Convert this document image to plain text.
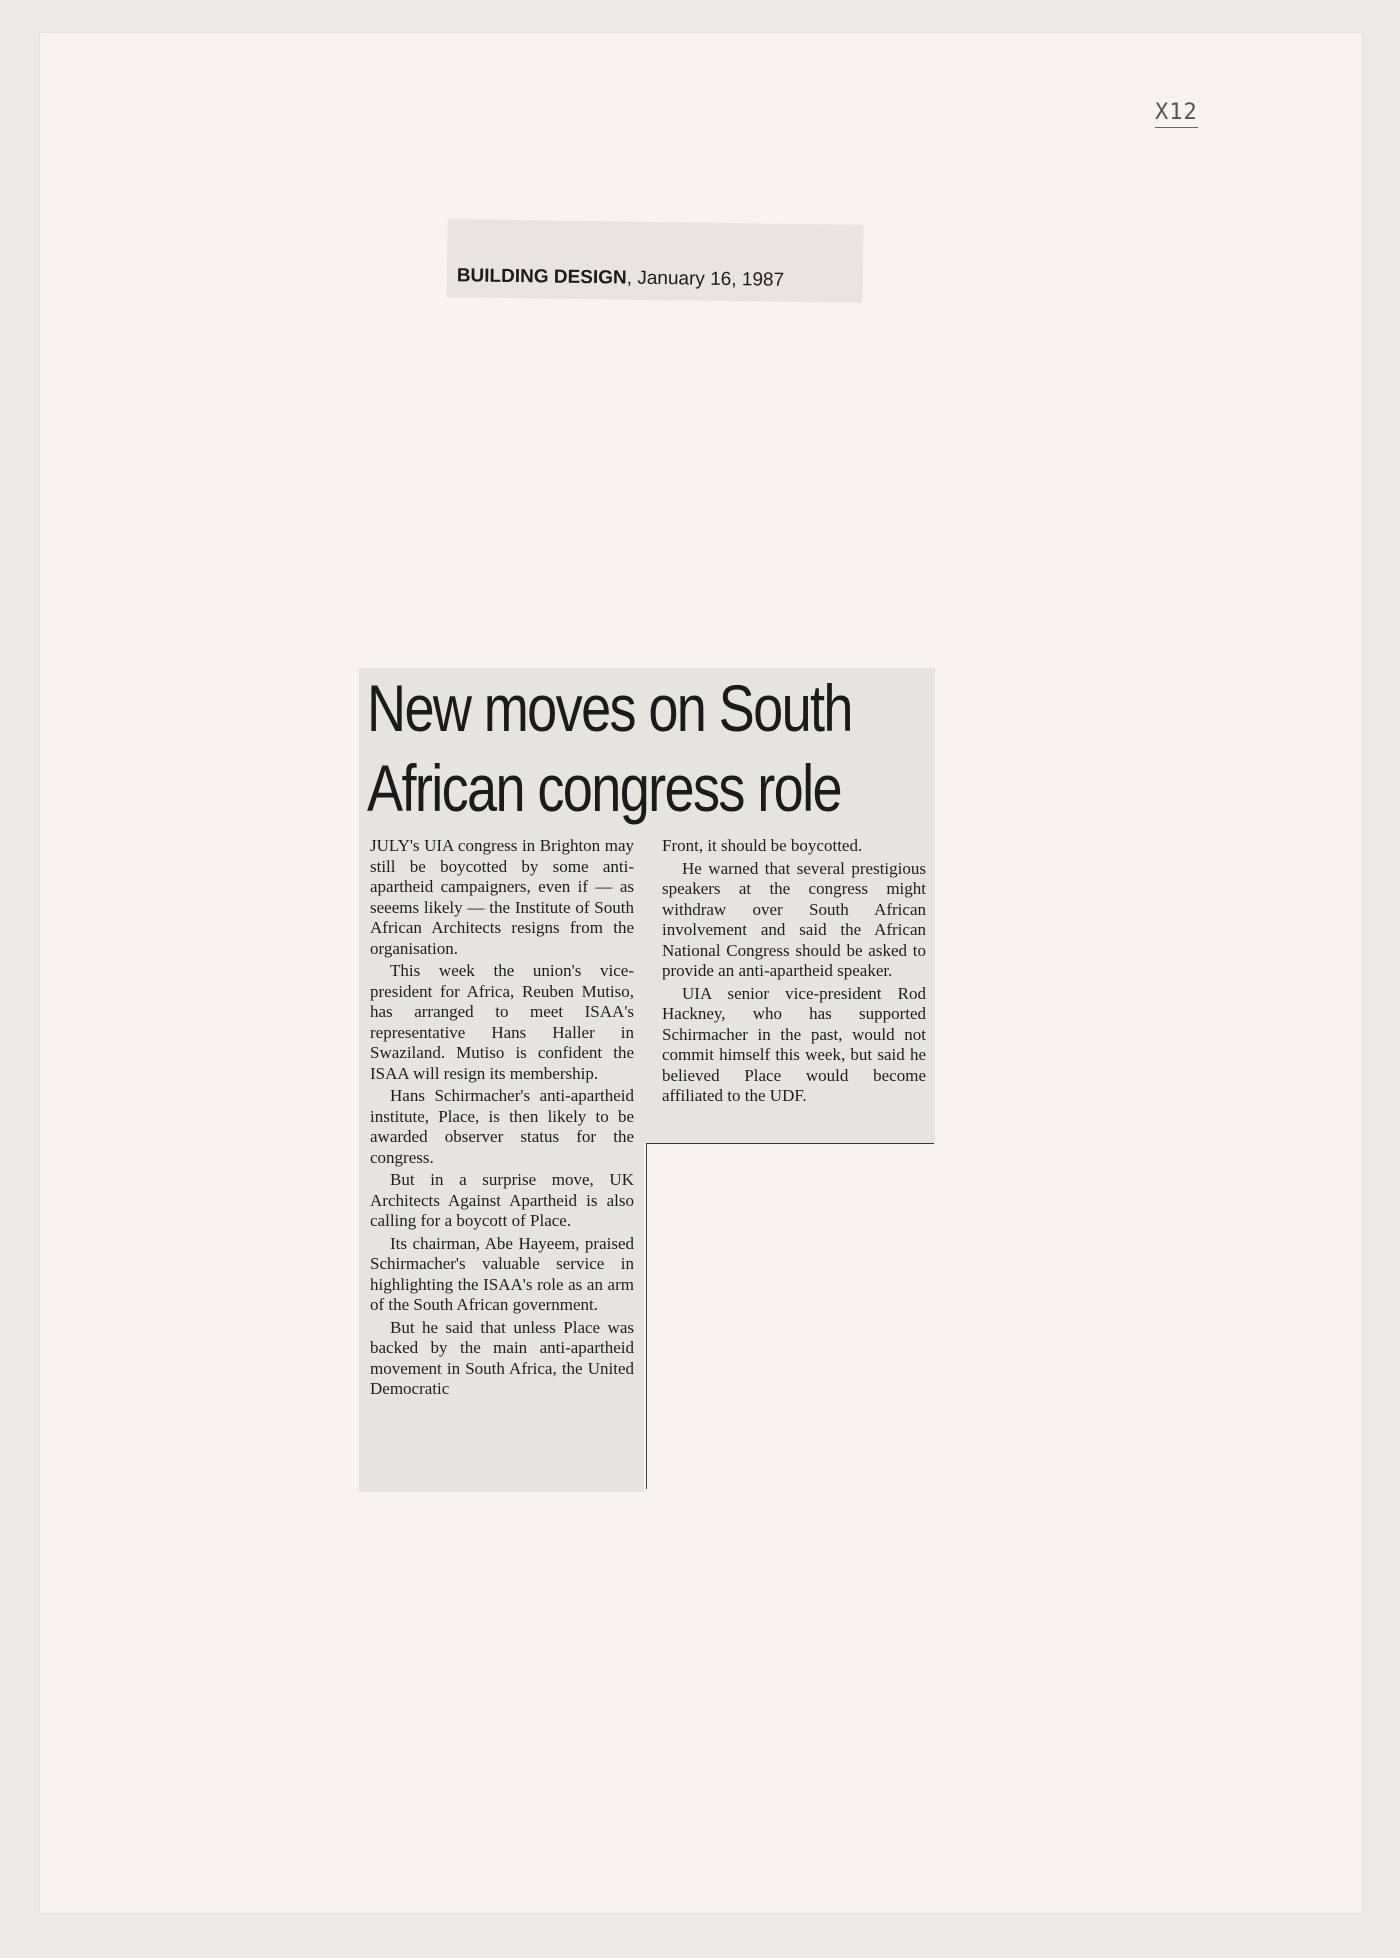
X12
BUILDING DESIGN, January 16, 1987
New moves on South
African congress role

JULY's UIA congress in Brighton may still be boycotted by some anti-apartheid campaigners, even if — as seeems likely — the Institute of South African Architects resigns from the organisation.

This week the union's vice-president for Africa, Reuben Mutiso, has arranged to meet ISAA's representative Hans Haller in Swaziland. Mutiso is confident the ISAA will resign its membership.

Hans Schirmacher's anti-apartheid institute, Place, is then likely to be awarded observer status for the congress.

But in a surprise move, UK Architects Against Apartheid is also calling for a boycott of Place.

Its chairman, Abe Hayeem, praised Schirmacher's valuable service in highlighting the ISAA's role as an arm of the South African government.

But he said that unless Place was backed by the main anti-apartheid movement in South Africa, the United Democratic

Front, it should be boycotted.

He warned that several prestigious speakers at the congress might withdraw over South African involvement and said the African National Congress should be asked to provide an anti-apartheid speaker.

UIA senior vice-president Rod Hackney, who has supported Schirmacher in the past, would not commit himself this week, but said he believed Place would become affiliated to the UDF.
